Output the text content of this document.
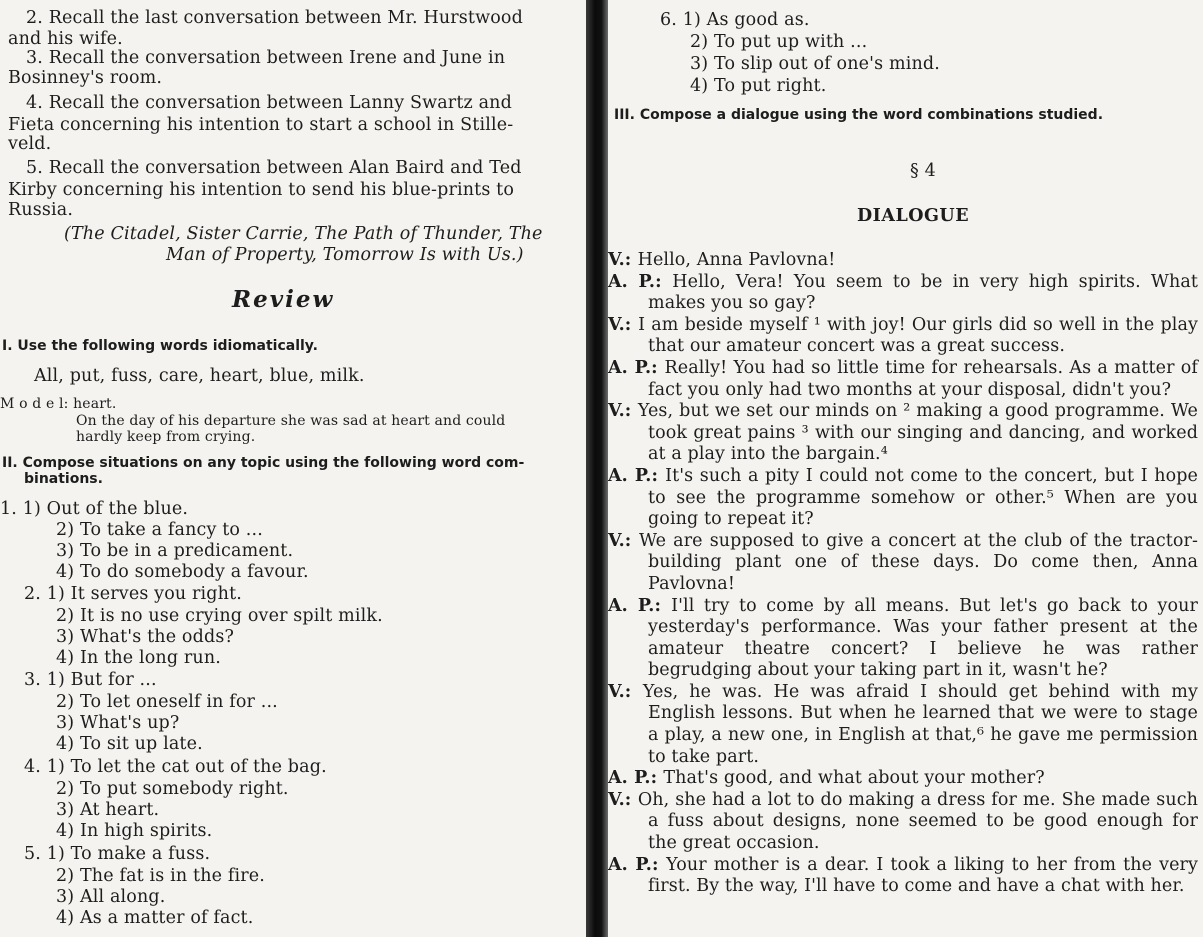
2. Recall the last conversation between Mr. Hurstwood
and his wife.
3. Recall the conversation between Irene and June in
Bosinney's room.
4. Recall the conversation between Lanny Swartz and
Fieta concerning his intention to start a school in Stille-
veld.
5. Recall the conversation between Alan Baird and Ted
Kirby concerning his intention to send his blue-prints to
Russia.
(The Citadel, Sister Carrie, The Path of Thunder, The
Man of Property, Tomorrow Is with Us.)
Review
I. Use the following words idiomatically.
All, put, fuss, care, heart, blue, milk.
M o d e l: heart.
On the day of his departure she was sad at heart and could
hardly keep from crying.
II. Compose situations on any topic using the following word com-
binations.
1. 1) Out of the blue.
2) To take a fancy to ...
3) To be in a predicament.
4) To do somebody a favour.
2. 1) It serves you right.
2) It is no use crying over spilt milk.
3) What's the odds?
4) In the long run.
3. 1) But for ...
2) To let oneself in for ...
3) What's up?
4) To sit up late.
4. 1) To let the cat out of the bag.
2) To put somebody right.
3) At heart.
4) In high spirits.
5. 1) To make a fuss.
2) The fat is in the fire.
3) All along.
4) As a matter of fact.
6. 1) As good as.
2) To put up with ...
3) To slip out of one's mind.
4) To put right.
III. Compose a dialogue using the word combinations studied.
§ 4
DIALOGUE
V.: Hello, Anna Pavlovna!
A. P.: Hello, Vera! You seem to be in very high spirits. What makes you so gay?
V.: I am beside myself ¹ with joy! Our girls did so well in the play that our amateur concert was a great success.
A. P.: Really! You had so little time for rehearsals. As a matter of fact you only had two months at your disposal, didn't you?
V.: Yes, but we set our minds on ² making a good programme. We took great pains ³ with our singing and dancing, and worked at a play into the bargain.⁴
A. P.: It's such a pity I could not come to the concert, but I hope to see the programme somehow or other.⁵ When are you going to repeat it?
V.: We are supposed to give a concert at the club of the tractor-building plant one of these days. Do come then, Anna Pavlovna!
A. P.: I'll try to come by all means. But let's go back to your yesterday's performance. Was your father present at the amateur theatre concert? I believe he was rather begrudging about your taking part in it, wasn't he?
V.: Yes, he was. He was afraid I should get behind with my English lessons. But when he learned that we were to stage a play, a new one, in English at that,⁶ he gave me permission to take part.
A. P.: That's good, and what about your mother?
V.: Oh, she had a lot to do making a dress for me. She made such a fuss about designs, none seemed to be good enough for the great occasion.
A. P.: Your mother is a dear. I took a liking to her from the very first. By the way, I'll have to come and have a chat with her.
